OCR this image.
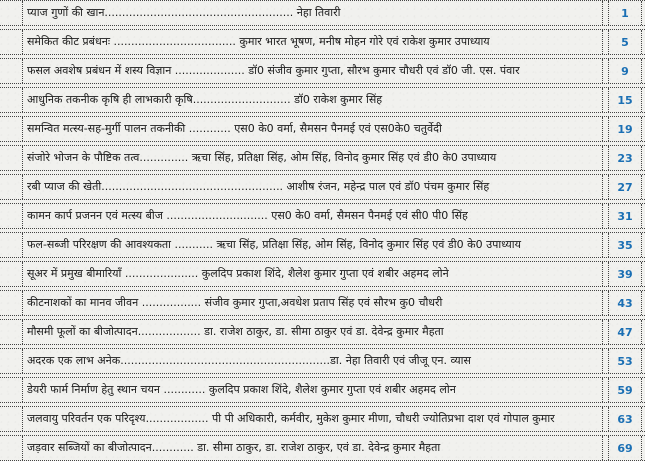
प्याज गुणों की खान...................................................... नेहा तिवारी	1
समेकित कीट प्रबंधनः ................................... कुमार भारत भूषण, मनीष मोहन गोरे एवं राकेश कुमार उपाध्याय	5
फसल अवशेष प्रबंधन में शस्य विज्ञान .................... डॉ0 संजीव कुमार गुप्ता, सौरभ कुमार चौधरी एवं डॉ0 जी. एस. पंवार	9
आधुनिक तकनीक कृषि ही लाभकारी कृषि............................ डॉ0 राकेश कुमार सिंह	15
समन्वित मत्स्य-सह-मुर्गी पालन तकनीकी ............ एस0 के0 वर्मा, सैमसन पैनमई एवं एस0के0 चतुर्वेदी	19
संजोरे भोजन के पौष्टिक तत्व.............. ऋचा सिंह, प्रतिक्षा सिंह, ओम सिंह, विनोद कुमार सिंह एवं डी0 के0 उपाध्याय	23
रबी प्याज की खेती.................................................... आशीष रंजन, महेन्द्र पाल एवं डॉ0 पंचम कुमार सिंह	27
कामन कार्प प्रजनन एवं मत्स्य बीज ............................. एस0 के0 वर्मा, सैमसन पैनमई एवं सी0 पी0 सिंह	31
फल-सब्जी परिरक्षण की आवश्यकता ........... ऋचा सिंह, प्रतिक्षा सिंह, ओम सिंह, विनोद कुमार सिंह एवं डी0 के0 उपाध्याय	35
सूअर में प्रमुख बीमारियाँ ..................... कुलदिप प्रकाश शिंदे, शैलेश कुमार गुप्ता एवं शबीर अहमद लोने	39
कीटनाशकों का मानव जीवन ................. संजीव कुमार गुप्ता,अवधेश प्रताप सिंह एवं सौरभ कु0 चौधरी	43
मौसमी फूलों का बीजोत्पादन.................. डा. राजेश ठाकुर, डा. सीमा ठाकुर एवं डा. देवेन्द्र कुमार मैहता	47
अदरक एक लाभ अनेक............................................................डा. नेहा तिवारी एवं जीजू एन. व्यास	53
डेयरी फार्म निर्माण हेतु स्थान चयन ............ कुलदिप प्रकाश शिंदे, शैलेश कुमार गुप्ता एवं शबीर अहमद लोन	59
जलवायु परिवर्तन एक परिदृश्य.................. पी पी अधिकारी, कर्मवीर, मुकेश कुमार मीणा, चौधरी ज्योतिप्रभा दाश एवं गोपाल कुमार	63
जड़वार सब्जियों का बीजोत्पादन............ डा. सीमा ठाकुर, डा. राजेश ठाकुर, एवं डा. देवेन्द्र कुमार मैहता	69
